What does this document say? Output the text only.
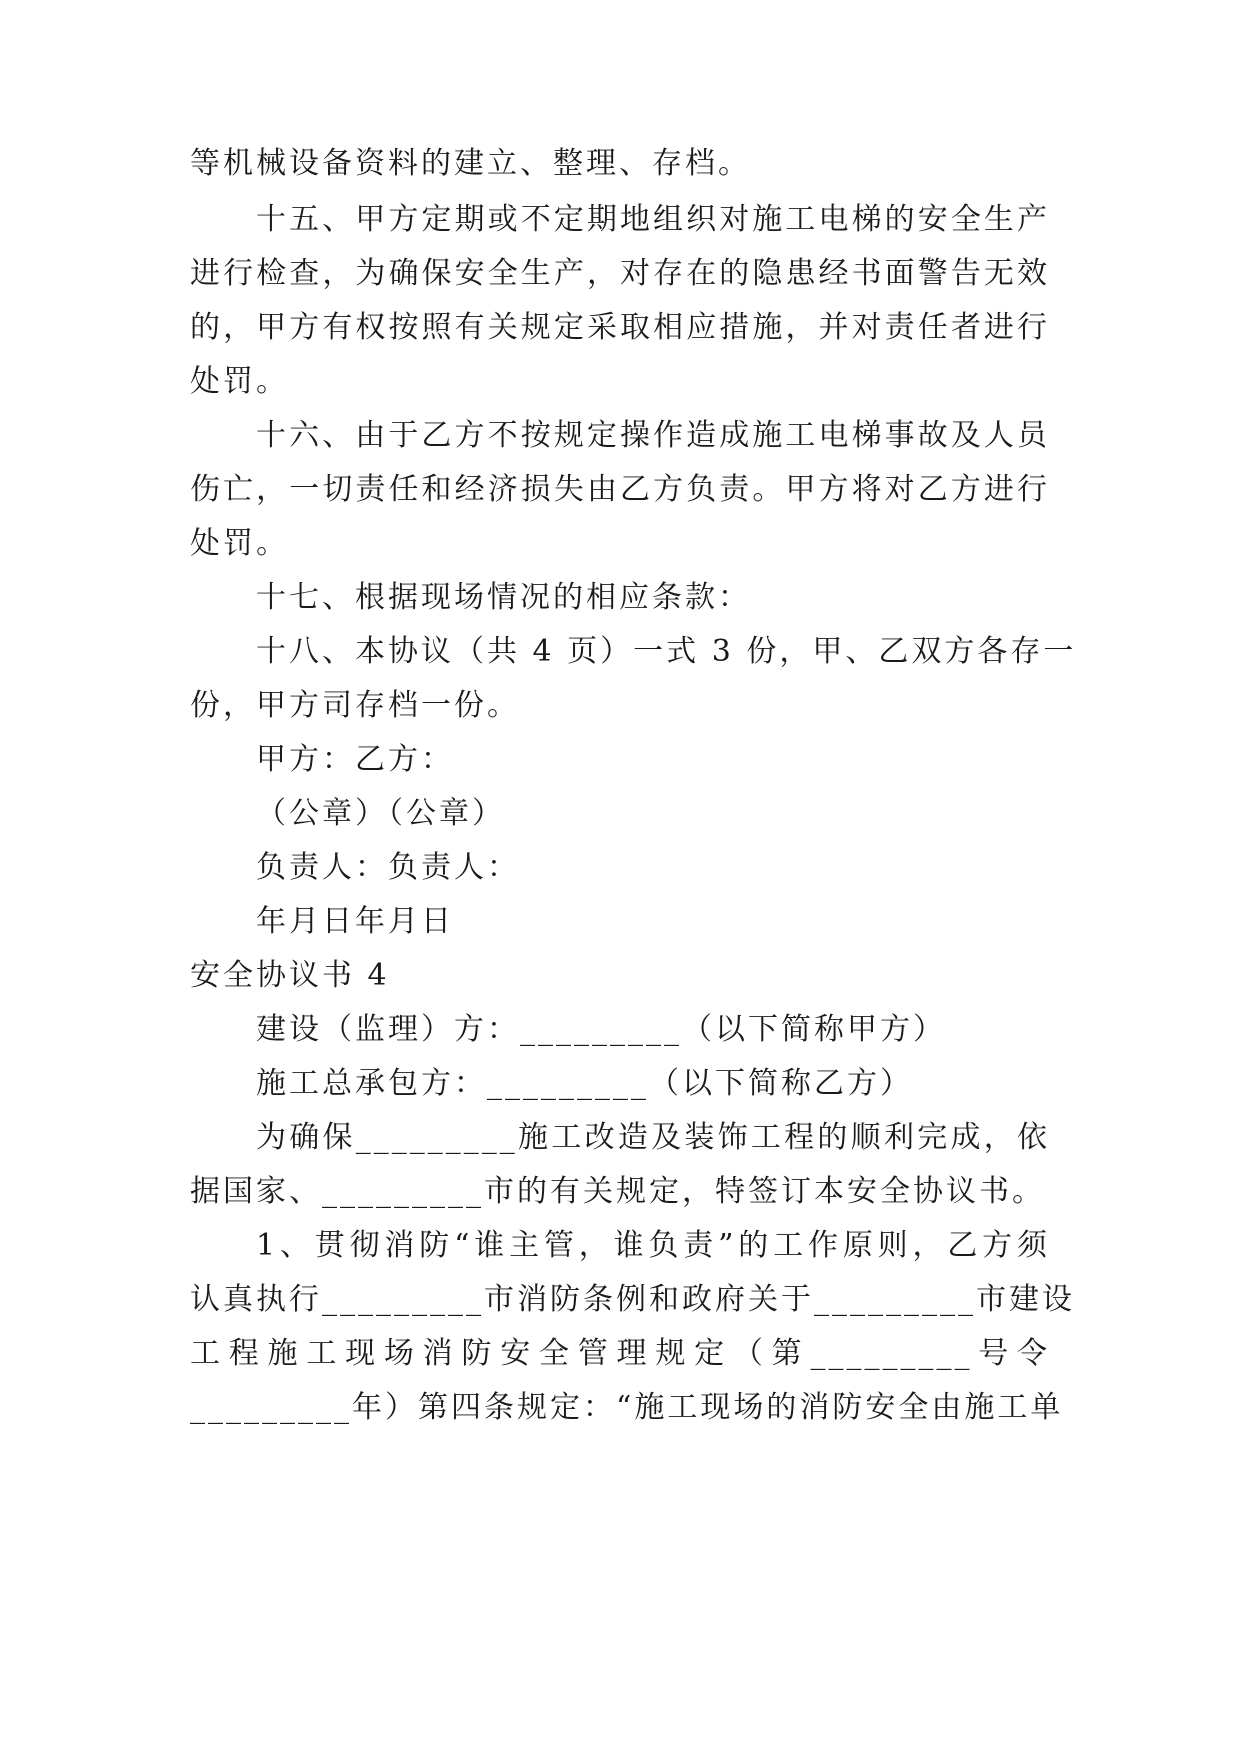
等机械设备资料的建立、整理、存档。
十五、甲方定期或不定期地组织对施工电梯的安全生产
进行检查，为确保安全生产，对存在的隐患经书面警告无效
的，甲方有权按照有关规定采取相应措施，并对责任者进行
处罚。
十六、由于乙方不按规定操作造成施工电梯事故及人员
伤亡，一切责任和经济损失由乙方负责。甲方将对乙方进行
处罚。
十七、根据现场情况的相应条款：
十八、本协议（共 4 页）一式 3 份，甲、乙双方各存一
份，甲方司存档一份。
甲方：乙方：
（公章）（公章）
负责人：负责人：
年月日年月日
安全协议书 4
建设（监理）方：_________（以下简称甲方）
施工总承包方：_________（以下简称乙方）
为确保_________施工改造及装饰工程的顺利完成，依
据国家、_________市的有关规定，特签订本安全协议书。
1、贯彻消防“谁主管，谁负责”的工作原则，乙方须
认真执行_________市消防条例和政府关于_________市建设
工程施工现场消防安全管理规定（第_________号令
_________年）第四条规定：“施工现场的消防安全由施工单
